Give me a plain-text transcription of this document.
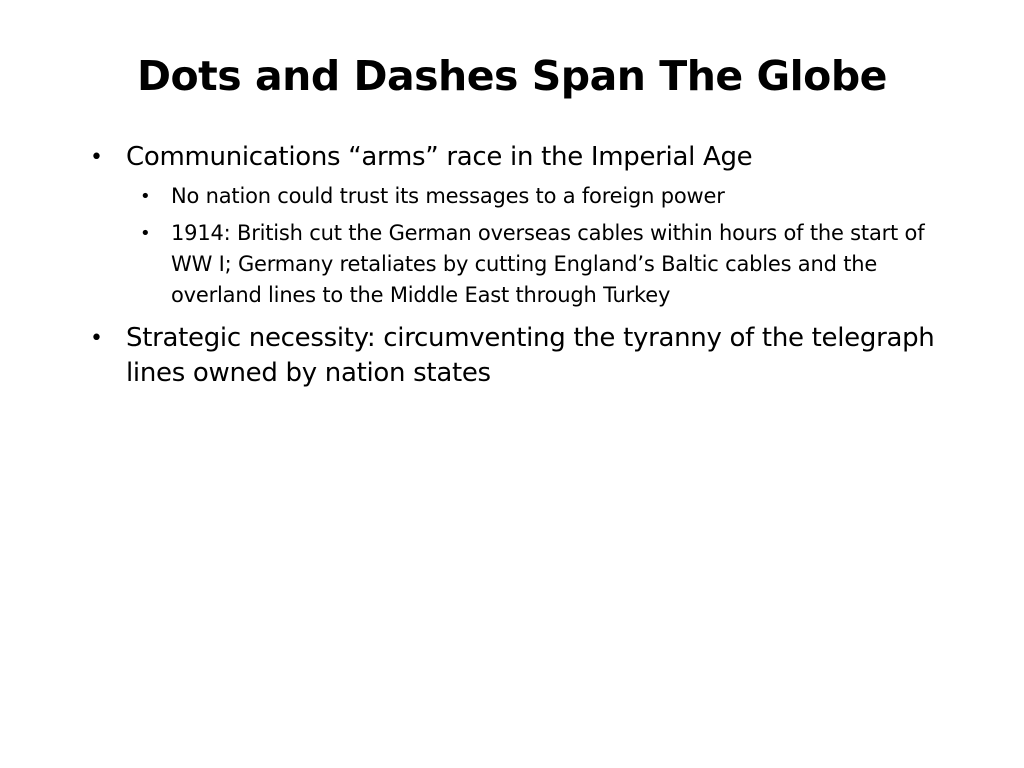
Dots and Dashes Span The Globe
• Communications “arms” race in the Imperial Age
• No nation could trust its messages to a foreign power
• 1914: British cut the German overseas cables within hours of the start of WW I; Germany retaliates by cutting England’s Baltic cables and the overland lines to the Middle East through Turkey
• Strategic necessity: circumventing the tyranny of the telegraph lines owned by nation states
